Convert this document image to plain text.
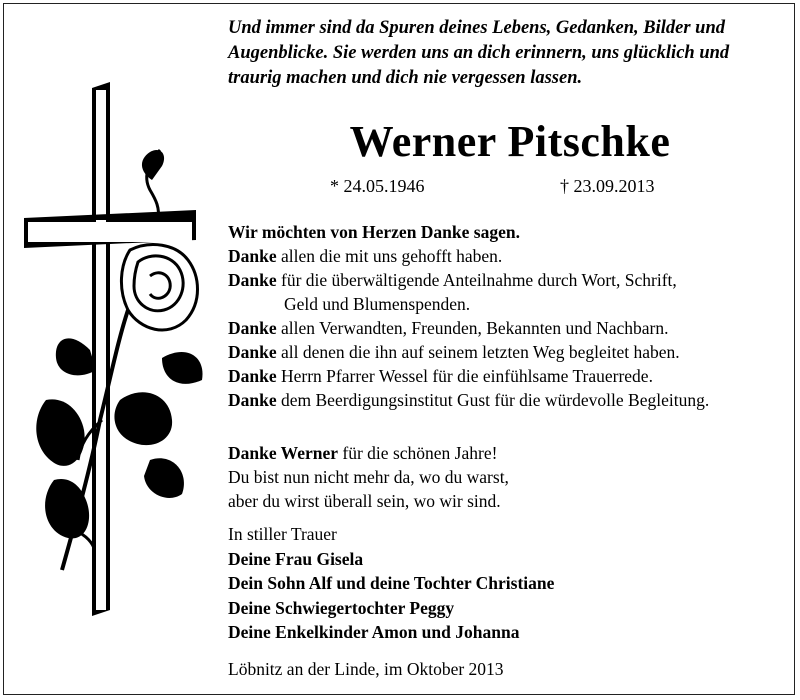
Und immer sind da Spuren deines Lebens, Gedanken, Bilder und
Augenblicke. Sie werden uns an dich erinnern, uns glücklich und
traurig machen und dich nie vergessen lassen.
Werner Pitschke
* 24.05.1946	† 23.09.2013
Wir möchten von Herzen Danke sagen.
Danke allen die mit uns gehofft haben.
Danke für die überwältigende Anteilnahme durch Wort, Schrift,
Geld und Blumenspenden.
Danke allen Verwandten, Freunden, Bekannten und Nachbarn.
Danke all denen die ihn auf seinem letzten Weg begleitet haben.
Danke Herrn Pfarrer Wessel für die einfühlsame Trauerrede.
Danke dem Beerdigungsinstitut Gust für die würdevolle Begleitung.
Danke Werner für die schönen Jahre!
Du bist nun nicht mehr da, wo du warst,
aber du wirst überall sein, wo wir sind.
In stiller Trauer
Deine Frau Gisela
Dein Sohn Alf und deine Tochter Christiane
Deine Schwiegertochter Peggy
Deine Enkelkinder Amon und Johanna
Löbnitz an der Linde, im Oktober 2013
